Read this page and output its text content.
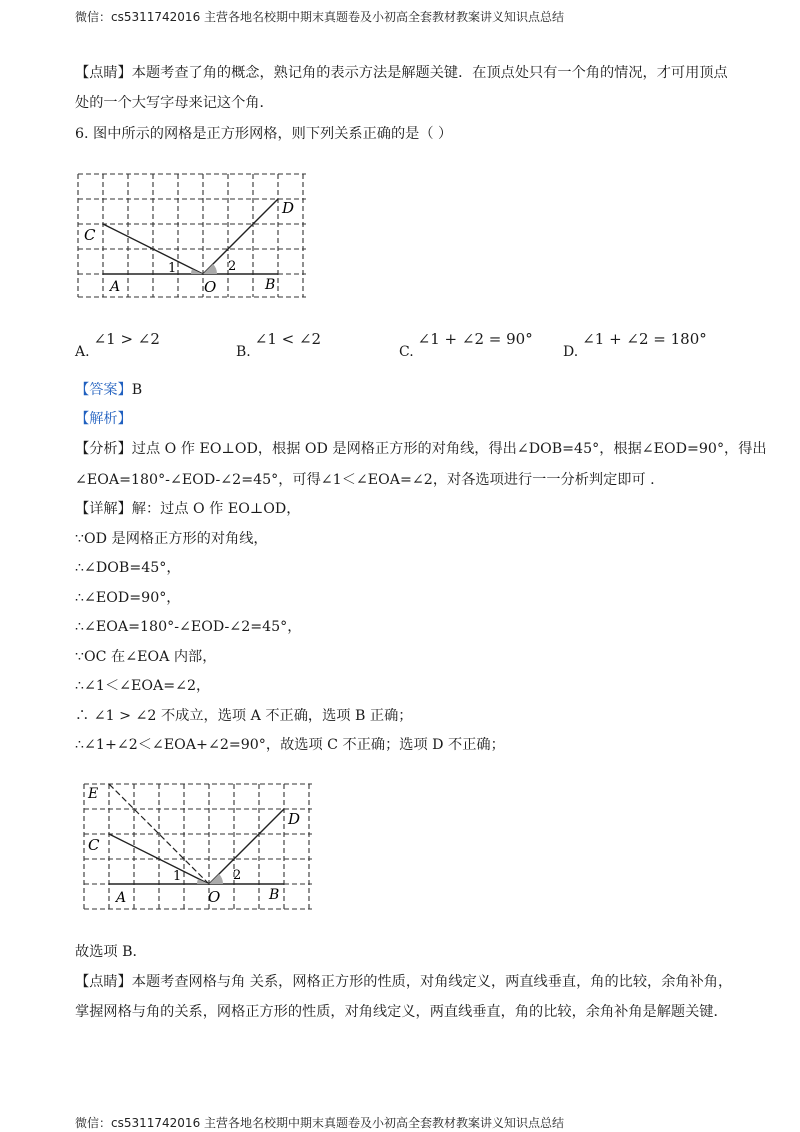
微信：cs5311742016 主营各地名校期中期末真题卷及小初高全套教材教案讲义知识点总结
【点睛】本题考查了角的概念，熟记角的表示方法是解题关键．在顶点处只有一个角的情况，才可用顶点
处的一个大写字母来记这个角．
6. 图中所示的网格是正方形网格，则下列关系正确的是（ ）
C
D
1	2
A	O	B
A.∠1 > ∠2
B.∠1 < ∠2
C.∠1 + ∠2 = 90°
D.∠1 + ∠2 = 180°
【答案】B
【解析】
【分析】过点 O 作 EO⊥OD，根据 OD 是网格正方形的对角线，得出∠DOB=45°，根据∠EOD=90°，得出
∠EOA=180°-∠EOD-∠2=45°，可得∠1＜∠EOA=∠2，对各选项进行一一分析判定即可 .
【详解】解：过点 O 作 EO⊥OD，
∵OD 是网格正方形的对角线，
∴∠DOB=45°，
∴∠EOD=90°，
∴∠EOA=180°-∠EOD-∠2=45°，
∵OC 在∠EOA 内部，
∴∠1＜∠EOA=∠2，
∴ ∠1 > ∠2 不成立，选项 A 不正确，选项 B 正确；
∴∠1+∠2＜∠EOA+∠2=90°，故选项 C 不正确；选项 D 不正确；
E
C
D
1	2
A	O	B
故选项 B．
【点睛】本题考查网格与角 关系，网格正方形的性质，对角线定义，两直线垂直，角的比较，余角补角，
掌握网格与角的关系，网格正方形的性质，对角线定义，两直线垂直，角的比较，余角补角是解题关键．
微信：cs5311742016 主营各地名校期中期末真题卷及小初高全套教材教案讲义知识点总结
